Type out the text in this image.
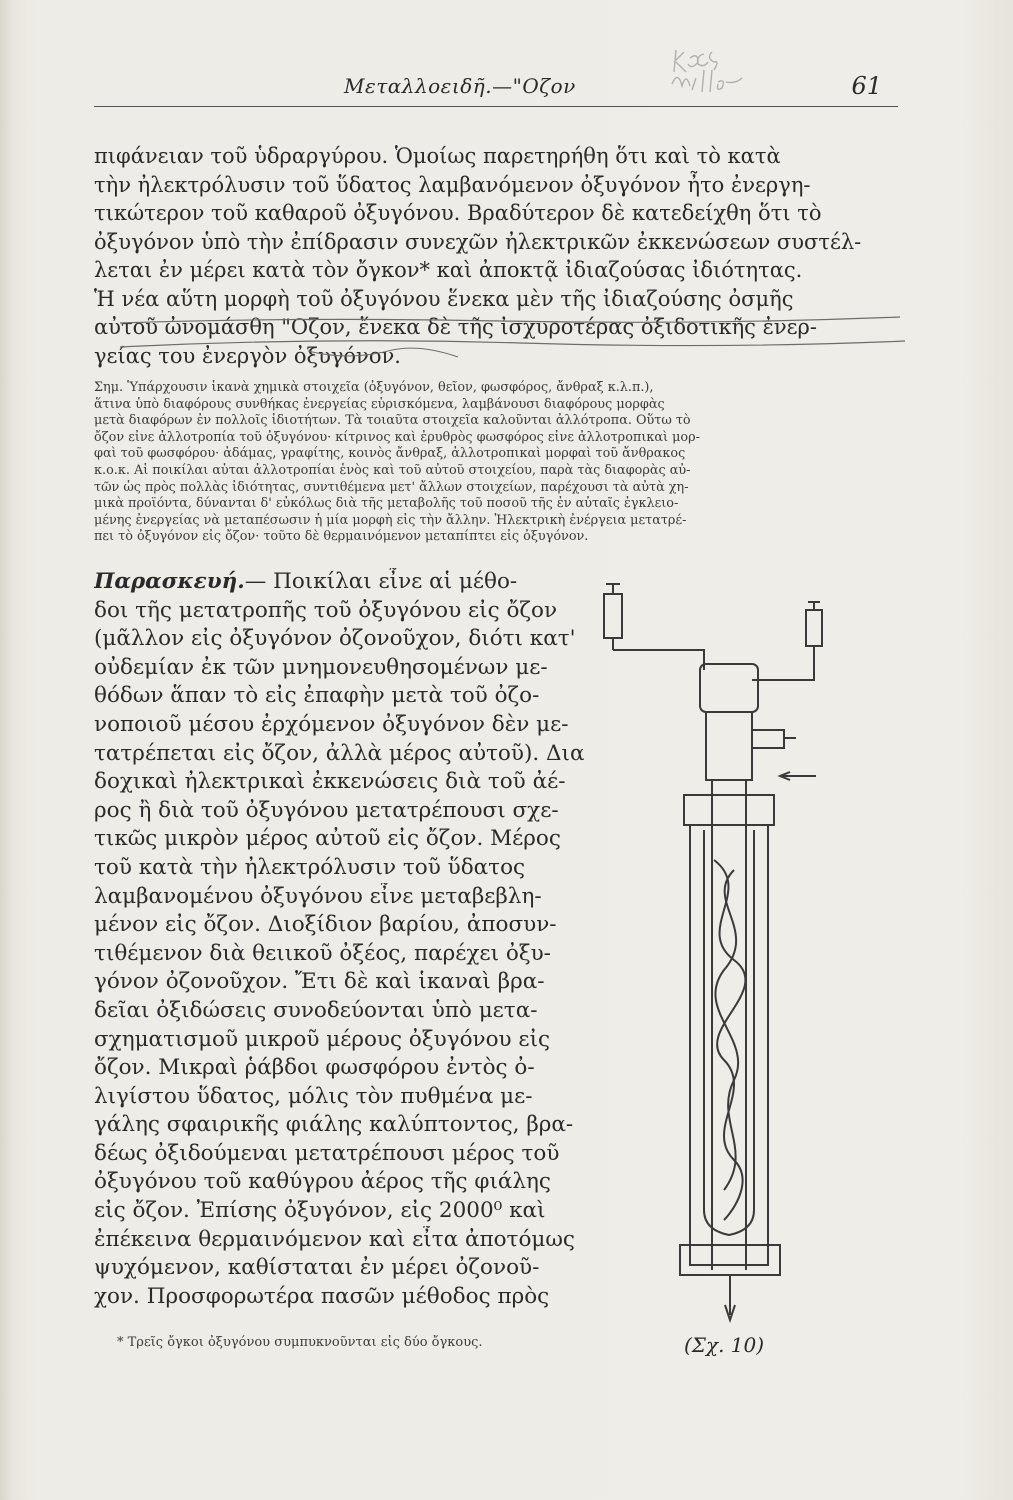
Μεταλλοειδῆ.—"Οζον	61
πιφάνειαν τοῦ ὑδραργύρου. Ὁμοίως παρετηρήθη ὅτι καὶ τὸ κατὰ
τὴν ἠλεκτρόλυσιν τοῦ ὕδατος λαμβανόμενον ὀξυγόνον ἦτο ἐνεργη-
τικώτερον τοῦ καθαροῦ ὀξυγόνου. Βραδύτερον δὲ κατεδείχθη ὅτι τὸ
ὀξυγόνον ὑπὸ τὴν ἐπίδρασιν συνεχῶν ἠλεκτρικῶν ἐκκενώσεων συστέλ-
λεται ἐν μέρει κατὰ τὸν ὄγκον* καὶ ἀποκτᾷ ἰδιαζούσας ἰδιότητας.
Ἡ νέα αὕτη μορφὴ τοῦ ὀξυγόνου ἕνεκα μὲν τῆς ἰδιαζούσης ὀσμῆς
αὐτοῦ ὠνομάσθη "Οζον, ἕνεκα δὲ τῆς ἰσχυροτέρας ὀξιδοτικῆς ἐνερ-
γείας του ἐνεργὸν ὀξυγόνον.
Σημ. Ὑπάρχουσιν ἱκανὰ χημικὰ στοιχεῖα (ὀξυγόνον, θεῖον, φωσφόρος, ἄνθραξ κ.λ.π.),
ἅτινα ὑπὸ διαφόρους συνθήκας ἐνεργείας εὑρισκόμενα, λαμβάνουσι διαφόρους μορφὰς
μετὰ διαφόρων ἐν πολλοῖς ἰδιοτήτων. Τὰ τοιαῦτα στοιχεῖα καλοῦνται ἀλλότροπα. Οὕτω τὸ
ὄζον εἶνε ἀλλοτροπία τοῦ ὀξυγόνου· κίτρινος καὶ ἐρυθρὸς φωσφόρος εἶνε ἀλλοτροπικαὶ μορ-
φαὶ τοῦ φωσφόρου· ἀδάμας, γραφίτης, κοινὸς ἄνθραξ, ἀλλοτροπικαὶ μορφαὶ τοῦ ἄνθρακος
κ.ο.κ. Αἱ ποικίλαι αὗται ἀλλοτροπίαι ἑνὸς καὶ τοῦ αὐτοῦ στοιχείου, παρὰ τὰς διαφορὰς αὐ-
τῶν ὡς πρὸς πολλὰς ἰδιότητας, συντιθέμενα μετ' ἄλλων στοιχείων, παρέχουσι τὰ αὐτὰ χη-
μικὰ προϊόντα, δύνανται δ' εὐκόλως διὰ τῆς μεταβολῆς τοῦ ποσοῦ τῆς ἐν αὐταῖς ἐγκλειο-
μένης ἐνεργείας νὰ μεταπέσωσιν ἡ μία μορφὴ εἰς τὴν ἄλλην. Ἠλεκτρικὴ ἐνέργεια μετατρέ-
πει τὸ ὀξυγόνον εἰς ὄζον· τοῦτο δὲ θερμαινόμενον μεταπίπτει εἰς ὀξυγόνον.
Παρασκευή.— Ποικίλαι εἶνε αἱ μέθο-
δοι τῆς μετατροπῆς τοῦ ὀξυγόνου εἰς ὄζον
(μᾶλλον εἰς ὀξυγόνον ὀζονοῦχον, διότι κατ'
οὐδεμίαν ἐκ τῶν μνημονευθησομένων με-
θόδων ἅπαν τὸ εἰς ἐπαφὴν μετὰ τοῦ ὀζο-
νοποιοῦ μέσου ἐρχόμενον ὀξυγόνον δὲν με-
τατρέπεται εἰς ὄζον, ἀλλὰ μέρος αὐτοῦ). Δια
δοχικαὶ ἠλεκτρικαὶ ἐκκενώσεις διὰ τοῦ ἀέ-
ρος ἢ διὰ τοῦ ὀξυγόνου μετατρέπουσι σχε-
τικῶς μικρὸν μέρος αὐτοῦ εἰς ὄζον. Μέρος
τοῦ κατὰ τὴν ἠλεκτρόλυσιν τοῦ ὕδατος
λαμβανομένου ὀξυγόνου εἶνε μεταβεβλη-
μένον εἰς ὄζον. Διοξίδιον βαρίου, ἀποσυν-
τιθέμενον διὰ θειικοῦ ὀξέος, παρέχει ὀξυ-
γόνον ὀζονοῦχον. Ἔτι δὲ καὶ ἱκαναὶ βρα-
δεῖαι ὀξιδώσεις συνοδεύονται ὑπὸ μετα-
σχηματισμοῦ μικροῦ μέρους ὀξυγόνου εἰς
ὄζον. Μικραὶ ῥάβδοι φωσφόρου ἐντὸς ὀ-
λιγίστου ὕδατος, μόλις τὸν πυθμένα με-
γάλης σφαιρικῆς φιάλης καλύπτοντος, βρα-
δέως ὀξιδούμεναι μετατρέπουσι μέρος τοῦ
ὀξυγόνου τοῦ καθύγρου ἀέρος τῆς φιάλης
εἰς ὄζον. Ἐπίσης ὀξυγόνον, εἰς 2000⁰ καὶ
ἐπέκεινα θερμαινόμενον καὶ εἶτα ἀποτόμως
ψυχόμενον, καθίσταται ἐν μέρει ὀζονοῦ-
χον. Προσφορωτέρα πασῶν μέθοδος πρὸς
* Τρεῖς ὄγκοι ὀξυγόνου συμπυκνοῦνται εἰς δύο ὄγκους.	(Σχ. 10)
